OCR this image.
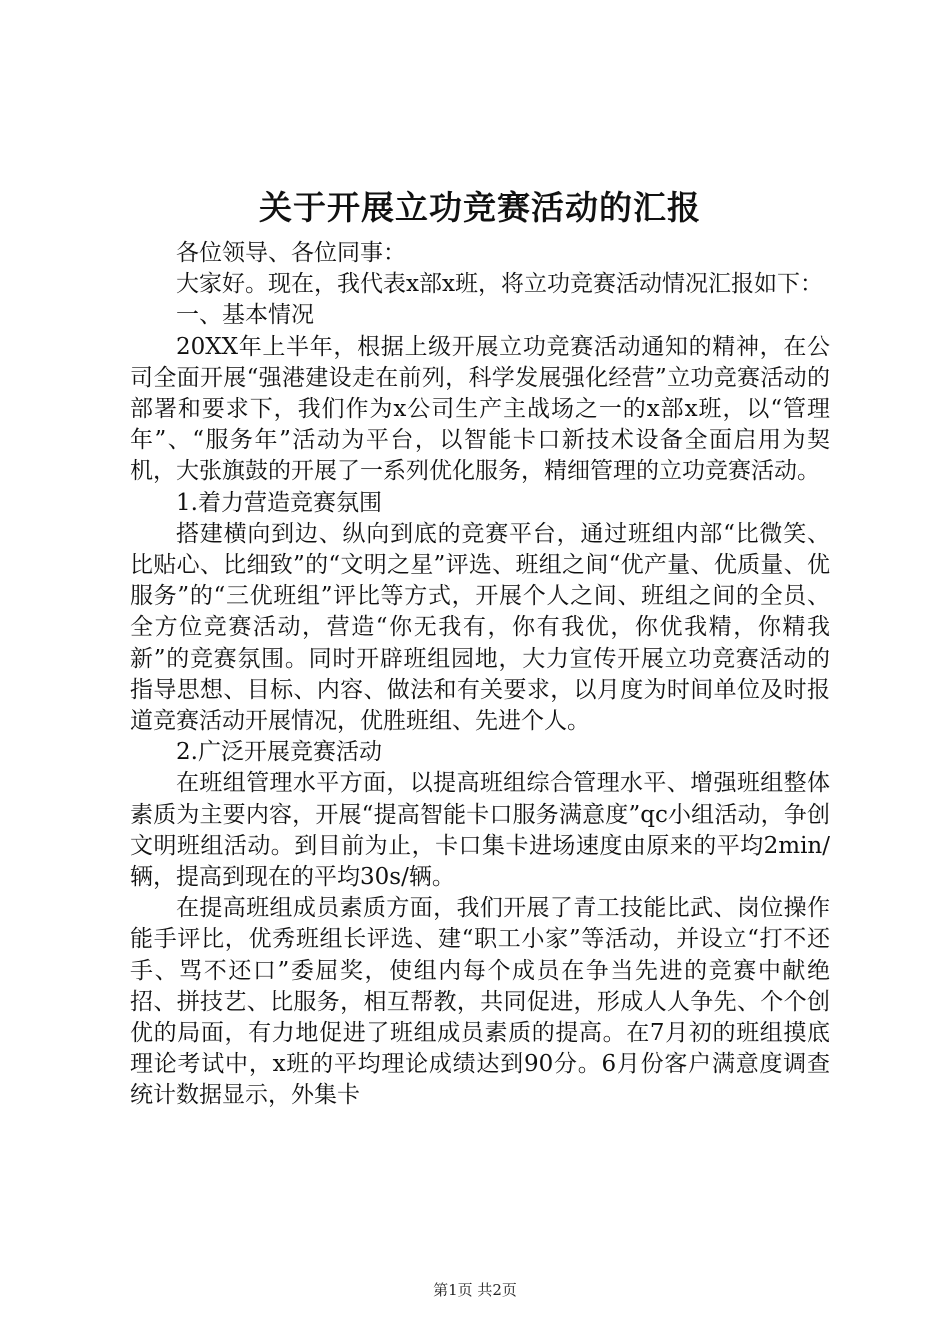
关于开展立功竞赛活动的汇报

各位领导、各位同事：

大家好。现在，我代表x部x班，将立功竞赛活动情况汇报如下：

一、基本情况

20XX年上半年，根据上级开展立功竞赛活动通知的精神，在公司全面开展“强港建设走在前列，科学发展强化经营”立功竞赛活动的部署和要求下，我们作为x公司生产主战场之一的x部x班，以“管理年”、“服务年”活动为平台，以智能卡口新技术设备全面启用为契机，大张旗鼓的开展了一系列优化服务，精细管理的立功竞赛活动。

1.着力营造竞赛氛围

搭建横向到边、纵向到底的竞赛平台，通过班组内部“比微笑、比贴心、比细致”的“文明之星”评选、班组之间“优产量、优质量、优服务”的“三优班组”评比等方式，开展个人之间、班组之间的全员、全方位竞赛活动，营造“你无我有，你有我优，你优我精，你精我新”的竞赛氛围。同时开辟班组园地，大力宣传开展立功竞赛活动的指导思想、目标、内容、做法和有关要求，以月度为时间单位及时报道竞赛活动开展情况，优胜班组、先进个人。

2.广泛开展竞赛活动

在班组管理水平方面，以提高班组综合管理水平、增强班组整体素质为主要内容，开展“提高智能卡口服务满意度”qc小组活动，争创文明班组活动。到目前为止，卡口集卡进场速度由原来的平均2min/辆，提高到现在的平均30s/辆。

在提高班组成员素质方面，我们开展了青工技能比武、岗位操作能手评比，优秀班组长评选、建“职工小家”等活动，并设立“打不还手、骂不还口”委屈奖，使组内每个成员在争当先进的竞赛中献绝招、拼技艺、比服务，相互帮教，共同促进，形成人人争先、个个创优的局面，有力地促进了班组成员素质的提高。在7月初的班组摸底理论考试中，x班的平均理论成绩达到90分。6月份客户满意度调查统计数据显示，外集卡

第1页 共2页
